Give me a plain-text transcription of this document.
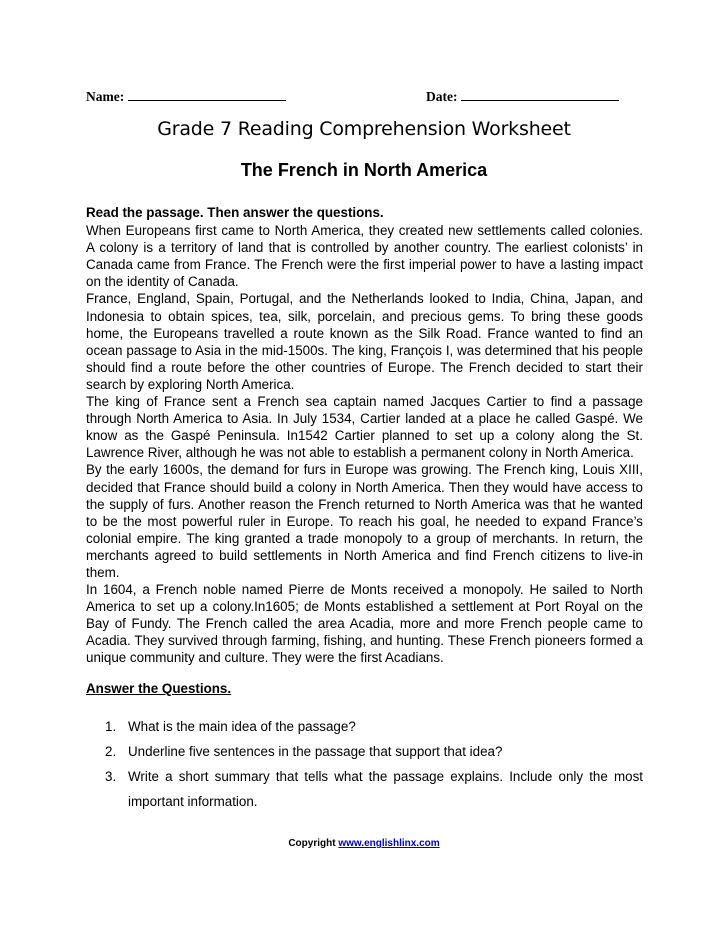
Name:	Date:
Grade 7 Reading Comprehension Worksheet
The French in North America

Read the passage. Then answer the questions.

When Europeans first came to North America, they created new settlements called colonies. A colony is a territory of land that is controlled by another country. The earliest colonists’ in Canada came from France. The French were the first imperial power to have a lasting impact on the identity of Canada.

France, England, Spain, Portugal, and the Netherlands looked to India, China, Japan, and Indonesia to obtain spices, tea, silk, porcelain, and precious gems. To bring these goods home, the Europeans travelled a route known as the Silk Road. France wanted to find an ocean passage to Asia in the mid-1500s. The king, François I, was determined that his people should find a route before the other countries of Europe. The French decided to start their search by exploring North America.

The king of France sent a French sea captain named Jacques Cartier to find a passage through North America to Asia. In July 1534, Cartier landed at a place he called Gaspé. We know as the Gaspé Peninsula. In1542 Cartier planned to set up a colony along the St. Lawrence River, although he was not able to establish a permanent colony in North America.

By the early 1600s, the demand for furs in Europe was growing. The French king, Louis XIII, decided that France should build a colony in North America. Then they would have access to the supply of furs. Another reason the French returned to North America was that he wanted to be the most powerful ruler in Europe. To reach his goal, he needed to expand France’s colonial empire. The king granted a trade monopoly to a group of merchants. In return, the merchants agreed to build settlements in North America and find French citizens to live-in them.

In 1604, a French noble named Pierre de Monts received a monopoly. He sailed to North America to set up a colony.In1605; de Monts established a settlement at Port Royal on the Bay of Fundy. The French called the area Acadia, more and more French people came to Acadia. They survived through farming, fishing, and hunting. These French pioneers formed a unique community and culture. They were the first Acadians.

Answer the Questions.
1. What is the main idea of the passage?
2. Underline five sentences in the passage that support that idea?
3. Write a short summary that tells what the passage explains. Include only the most important information.
Copyright www.englishlinx.com
